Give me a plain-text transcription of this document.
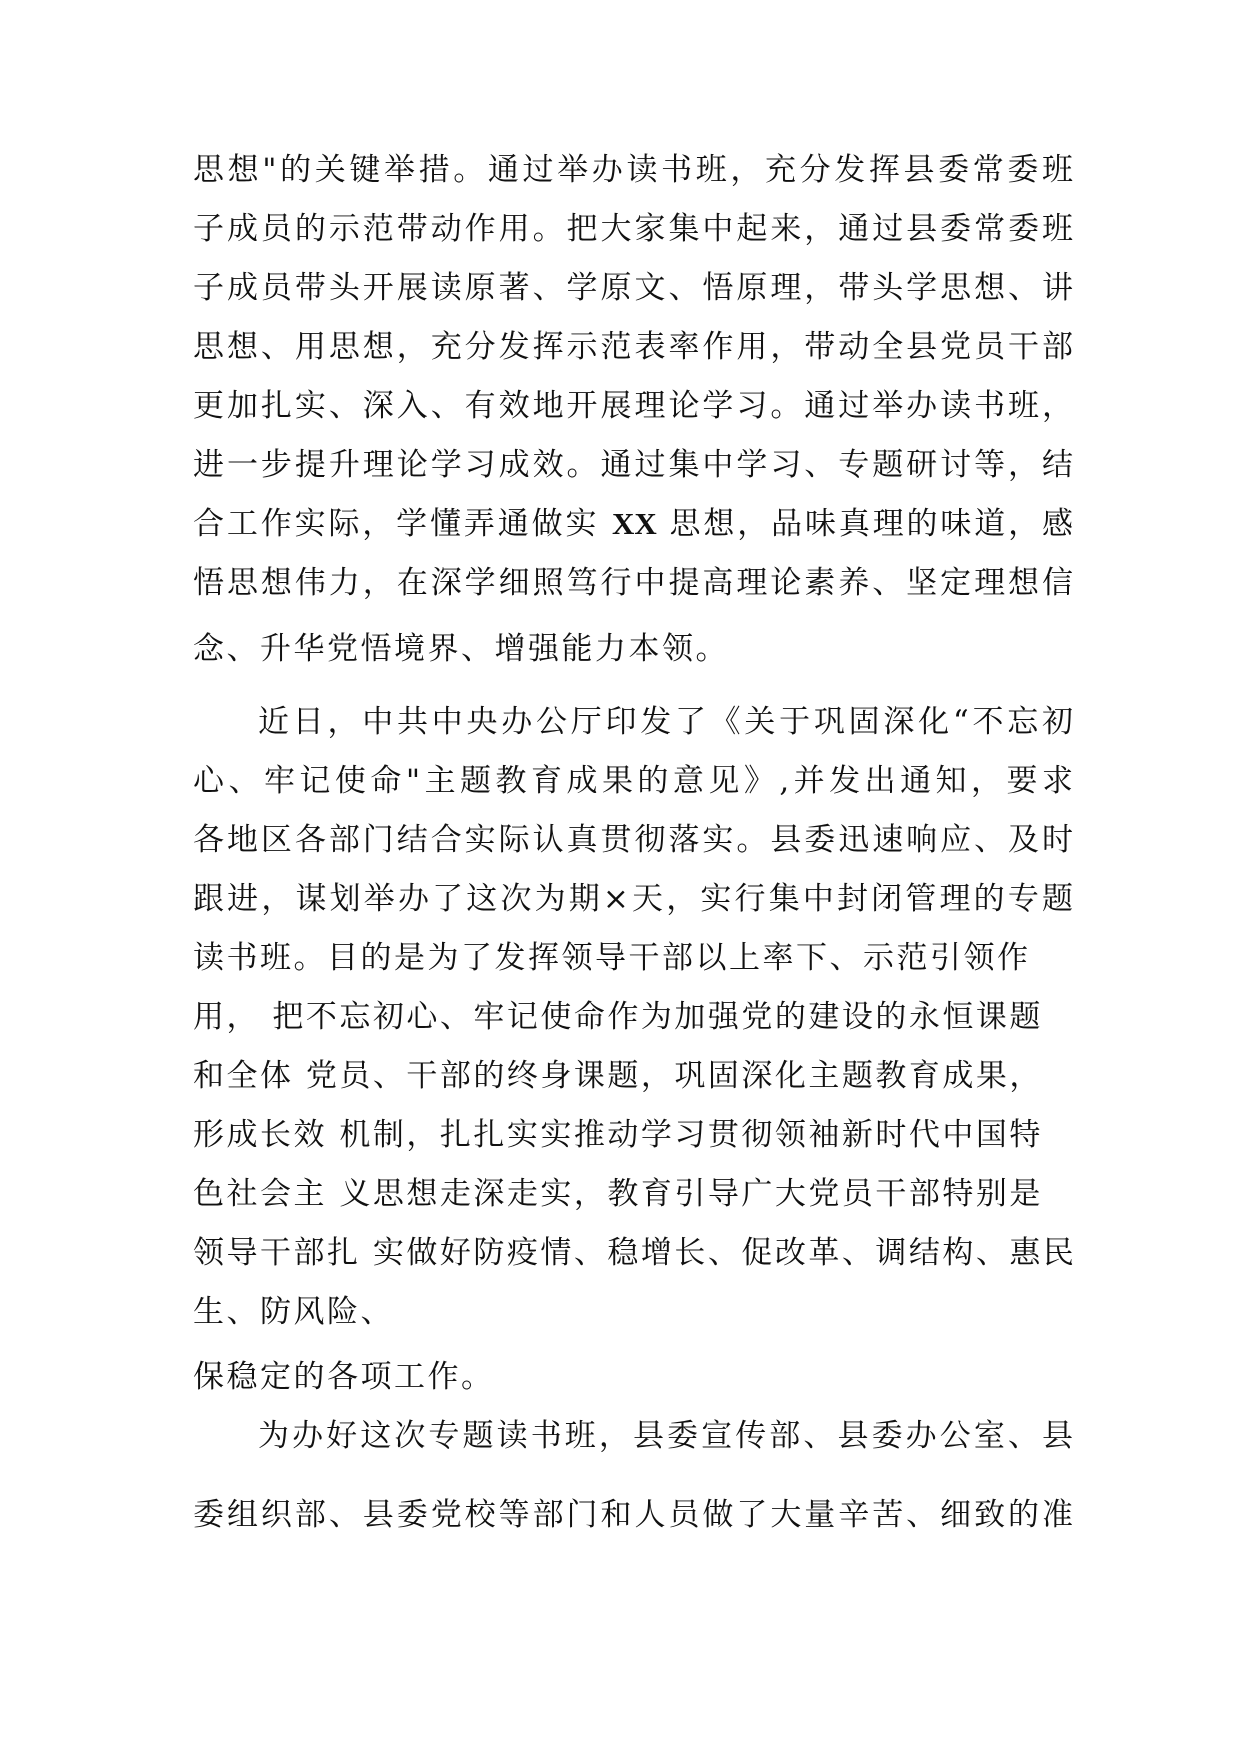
思想"的关键举措。通过举办读书班，充分发挥县委常委班
子成员的示范带动作用。把大家集中起来，通过县委常委班
子成员带头开展读原著、学原文、悟原理，带头学思想、讲
思想、用思想，充分发挥示范表率作用，带动全县党员干部
更加扎实、深入、有效地开展理论学习。通过举办读书班，
进一步提升理论学习成效。通过集中学习、专题研讨等，结
合工作实际，学懂弄通做实 XX 思想，品味真理的味道，感
悟思想伟力，在深学细照笃行中提高理论素养、坚定理想信
念、升华党悟境界、增强能力本领。
近日，中共中央办公厅印发了《关于巩固深化“不忘初
心、牢记使命"主题教育成果的意见》,并发出通知，要求
各地区各部门结合实际认真贯彻落实。县委迅速响应、及时
跟进，谋划举办了这次为期×天，实行集中封闭管理的专题
读书班。目的是为了发挥领导干部以上率下、示范引领作
用， 把不忘初心、牢记使命作为加强党的建设的永恒课题
和全体 党员、干部的终身课题，巩固深化主题教育成果，
形成长效 机制，扎扎实实推动学习贯彻领袖新时代中国特
色社会主 义思想走深走实，教育引导广大党员干部特别是
领导干部扎 实做好防疫情、稳增长、促改革、调结构、惠民
生、防风险、
保稳定的各项工作。
为办好这次专题读书班，县委宣传部、县委办公室、县
委组织部、县委党校等部门和人员做了大量辛苦、细致的准
